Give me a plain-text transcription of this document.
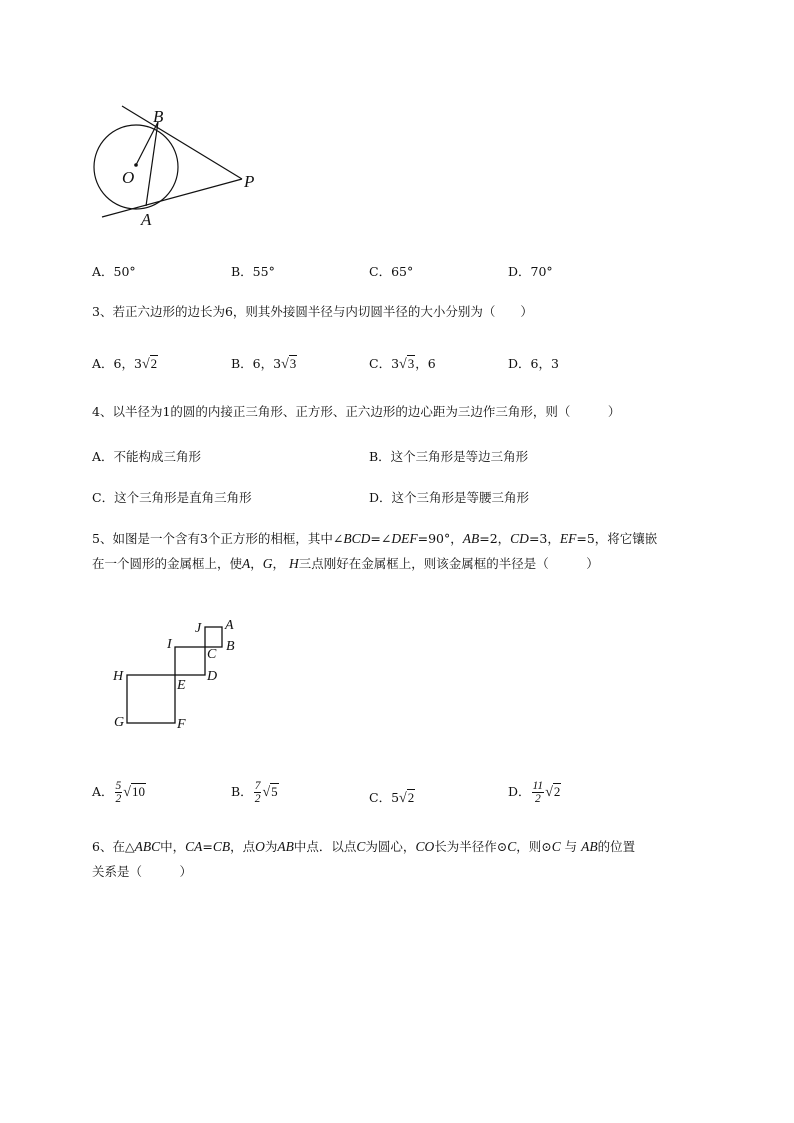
B
O	P
A
A．50°	B．55°	C．65°	D．70°
3、若正六边形的边长为6，则其外接圆半径与内切圆半径的大小分别为（　　）
A．6，3√2	B．6，3√3	C．3√3，6	D．6，3
4、以半径为1的圆的内接正三角形、正方形、正六边形的边心距为三边作三角形，则（　　　）
A．不能构成三角形	B．这个三角形是等边三角形
C．这个三角形是直角三角形	D．这个三角形是等腰三角形
5、如图是一个含有3个正方形的相框，其中∠BCD=∠DEF=90°，AB=2，CD=3，EF=5，将它镶嵌
在一个圆形的金属框上，使A，G， H三点刚好在金属框上，则该金属框的半径是（　　　）
J A
I
C
B
H
E
D
G	F
A． $\frac{5}{2} √10$	B． $\frac{7}{2} √5$	C．5√2	D． $\frac{11}{2} √2$
6、在△ABC中，CA=CB，点O为AB中点．以点C为圆心，CO长为半径作⊙C，则⊙C 与 AB的位置
关系是（　　　）
